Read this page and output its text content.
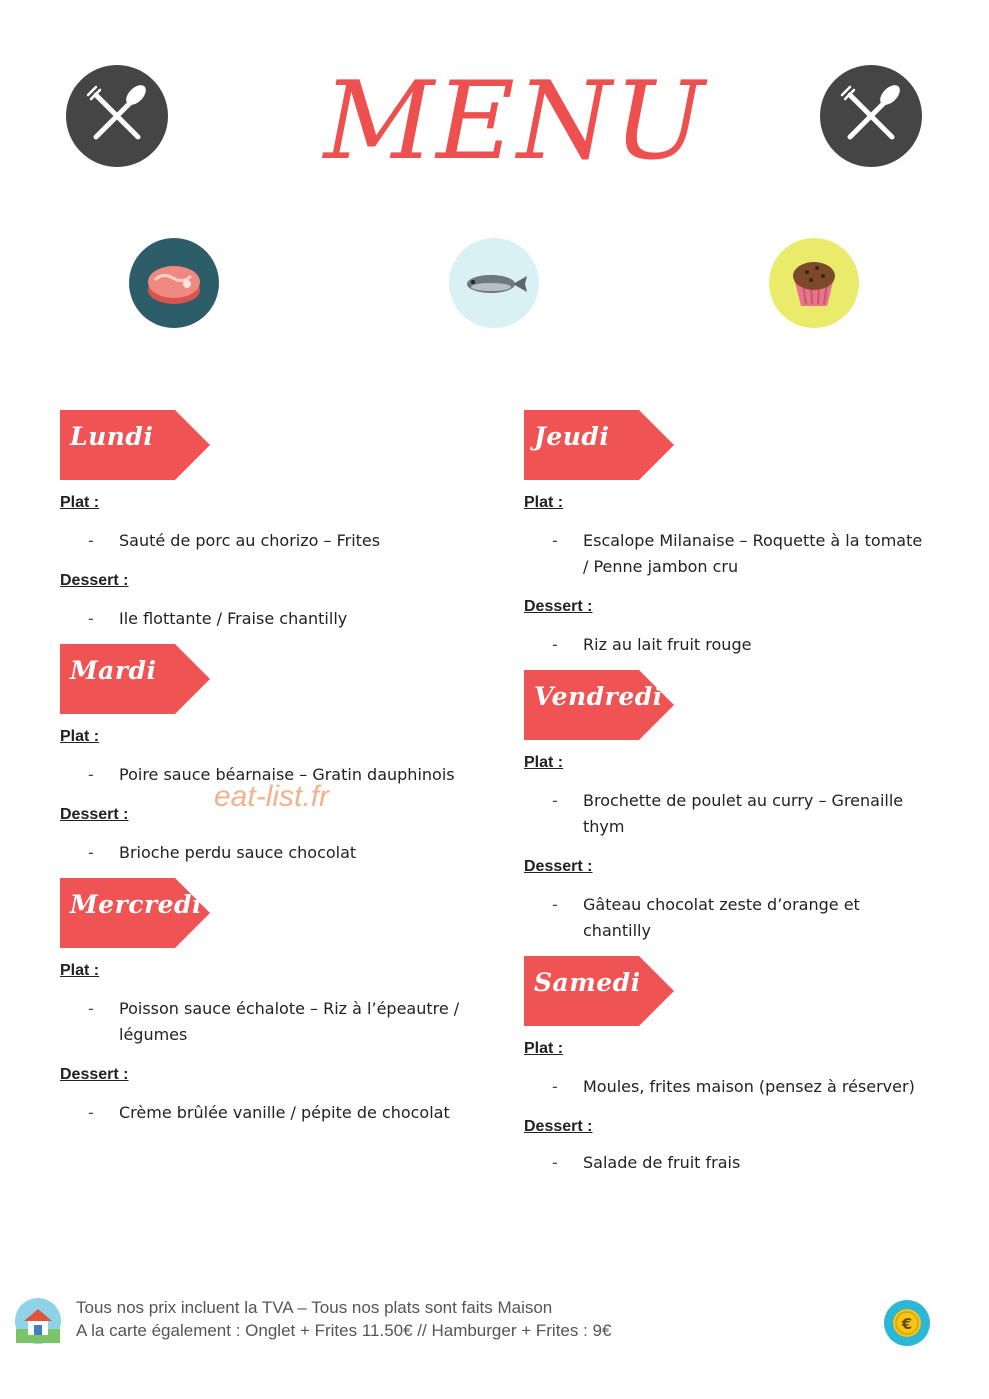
MENU
Lundi
Plat :
- Sauté de porc au chorizo – Frites
Dessert :
- Ile flottante / Fraise chantilly
Mardi
Plat :
- Poire sauce béarnaise – Gratin dauphinois
Dessert :
- Brioche perdu sauce chocolat
Mercredi
Plat :
- Poisson sauce échalote – Riz à l’épeautre /
légumes
Dessert :
- Crème brûlée vanille / pépite de chocolat
Jeudi
Plat :
- Escalope Milanaise – Roquette à la tomate
/ Penne jambon cru
Dessert :
- Riz au lait fruit rouge
Vendredi
Plat :
- Brochette de poulet au curry – Grenaille
thym
Dessert :
- Gâteau chocolat zeste d’orange et
chantilly
Samedi
Plat :
- Moules, frites maison (pensez à réserver)
Dessert :
- Salade de fruit frais
eat-list.fr
Tous nos prix incluent la TVA – Tous nos plats sont faits Maison
A la carte également : Onglet + Frites 11.50€ // Hamburger + Frites : 9€	€
